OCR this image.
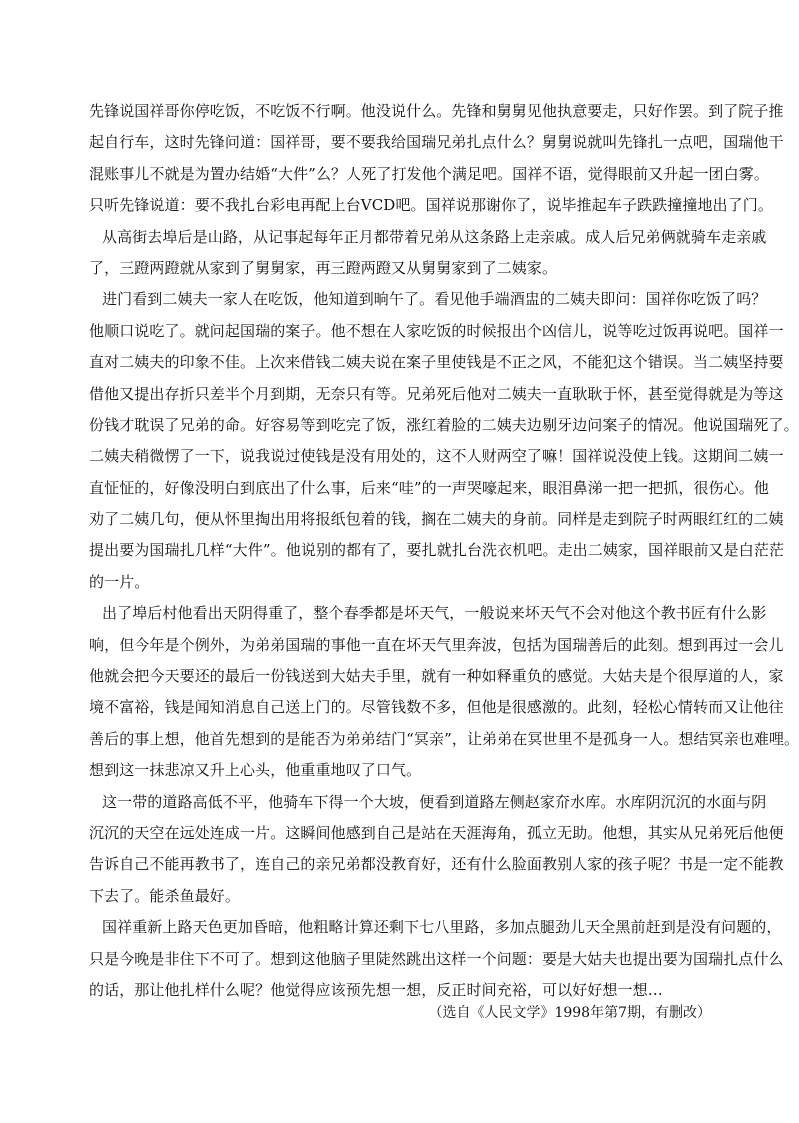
先锋说国祥哥你停吃饭，不吃饭不行啊。他没说什么。先锋和舅舅见他执意要走，只好作罢。到了院子推
起自行车，这时先锋问道：国祥哥，要不要我给国瑞兄弟扎点什么？舅舅说就叫先锋扎一点吧，国瑞他干
混账事儿不就是为置办结婚“大件”么？人死了打发他个满足吧。国祥不语，觉得眼前又升起一团白雾。
只听先锋说道：要不我扎台彩电再配上台VCD吧。国祥说那谢你了，说毕推起车子跌跌撞撞地出了门。
从高街去埠后是山路，从记事起每年正月都带着兄弟从这条路上走亲戚。成人后兄弟俩就骑车走亲戚
了，三蹬两蹬就从家到了舅舅家，再三蹬两蹬又从舅舅家到了二姨家。
进门看到二姨夫一家人在吃饭，他知道到晌午了。看见他手端酒盅的二姨夫即问：国祥你吃饭了吗？
他顺口说吃了。就问起国瑞的案子。他不想在人家吃饭的时候报出个凶信儿，说等吃过饭再说吧。国祥一
直对二姨夫的印象不佳。上次来借钱二姨夫说在案子里使钱是不正之风，不能犯这个错误。当二姨坚持要
借他又提出存折只差半个月到期，无奈只有等。兄弟死后他对二姨夫一直耿耿于怀，甚至觉得就是为等这
份钱才耽误了兄弟的命。好容易等到吃完了饭，涨红着脸的二姨夫边剔牙边问案子的情况。他说国瑞死了。
二姨夫稍微愣了一下，说我说过使钱是没有用处的，这不人财两空了嘛！国祥说没使上钱。这期间二姨一
直怔怔的，好像没明白到底出了什么事，后来“哇”的一声哭嚎起来，眼泪鼻涕一把一把抓，很伤心。他
劝了二姨几句，便从怀里掏出用将报纸包着的钱，搁在二姨夫的身前。同样是走到院子时两眼红红的二姨
提出要为国瑞扎几样“大件”。他说别的都有了，要扎就扎台洗衣机吧。走出二姨家，国祥眼前又是白茫茫
的一片。
出了埠后村他看出天阴得重了，整个春季都是坏天气，一般说来坏天气不会对他这个教书匠有什么影
响，但今年是个例外，为弟弟国瑞的事他一直在坏天气里奔波，包括为国瑞善后的此刻。想到再过一会儿
他就会把今天要还的最后一份钱送到大姑夫手里，就有一种如释重负的感觉。大姑夫是个很厚道的人，家
境不富裕，钱是闻知消息自己送上门的。尽管钱数不多，但他是很感激的。此刻，轻松心情转而又让他往
善后的事上想，他首先想到的是能否为弟弟结门“冥亲”，让弟弟在冥世里不是孤身一人。想结冥亲也难哩。
想到这一抹悲凉又升上心头，他重重地叹了口气。
这一带的道路高低不平，他骑车下得一个大坡，便看到道路左侧赵家夼水库。水库阴沉沉的水面与阴
沉沉的天空在远处连成一片。这瞬间他感到自己是站在天涯海角，孤立无助。他想，其实从兄弟死后他便
告诉自己不能再教书了，连自己的亲兄弟都没教育好，还有什么脸面教别人家的孩子呢？书是一定不能教
下去了。能杀鱼最好。
国祥重新上路天色更加昏暗，他粗略计算还剩下七八里路，多加点腿劲儿天全黑前赶到是没有问题的，
只是今晚是非住下不可了。想到这他脑子里陡然跳出这样一个问题：要是大姑夫也提出要为国瑞扎点什么
的话，那让他扎样什么呢？他觉得应该预先想一想，反正时间充裕，可以好好想一想…
（选自《人民文学》1998年第7期，有删改）
